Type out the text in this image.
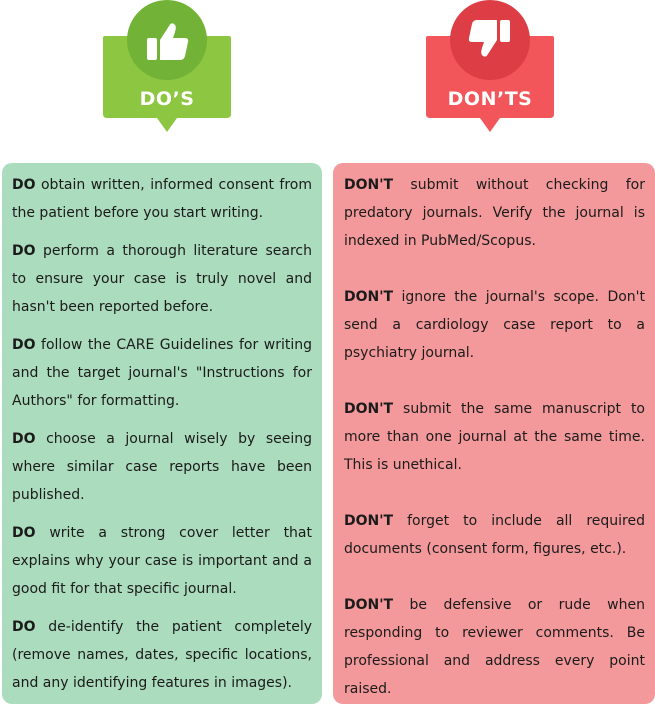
DO’S	DON’TS

DO obtain written, informed consent from the patient before you start writing.

DO perform a thorough literature search to ensure your case is truly novel and hasn't been reported before.

DO follow the CARE Guidelines for writing and the target journal's "Instructions for Authors" for formatting.

DO choose a journal wisely by seeing where similar case reports have been published.

DO write a strong cover letter that explains why your case is important and a good fit for that specific journal.

DO de-identify the patient completely (remove names, dates, specific locations, and any identifying features in images).

DON'T submit without checking for predatory journals. Verify the journal is indexed in PubMed/Scopus.

DON'T ignore the journal's scope. Don't send a cardiology case report to a psychiatry journal.

DON'T submit the same manuscript to more than one journal at the same time. This is unethical.

DON'T forget to include all required documents (consent form, figures, etc.).

DON'T be defensive or rude when responding to reviewer comments. Be professional and address every point raised.
